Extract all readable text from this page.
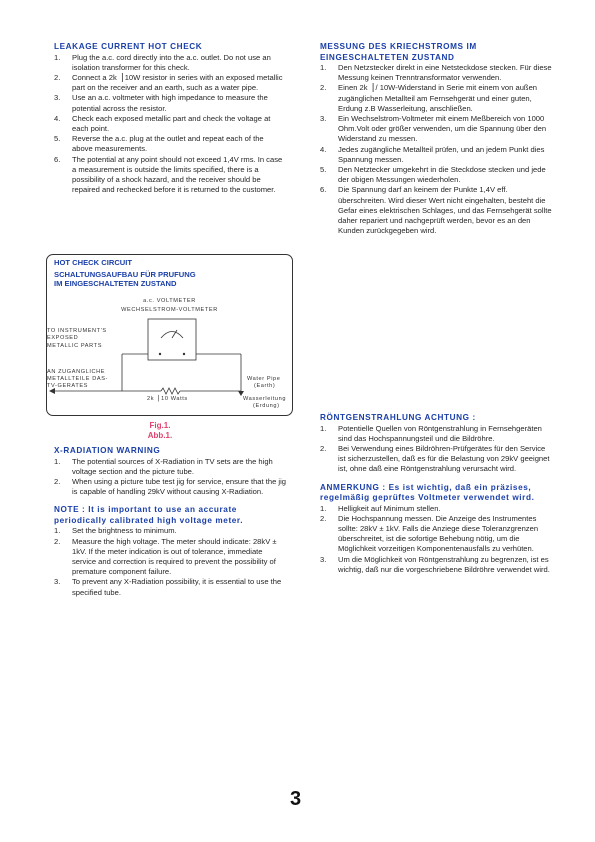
LEAKAGE CURRENT HOT CHECK
1. Plug the a.c. cord directly into the a.c. outlet. Do not use an isolation transformer for this check.
2. Connect a 2k▕ 10W resistor in series with an exposed metallic part on the receiver and an earth, such as a water pipe.
3. Use an a.c. voltmeter with high impedance to measure the potential across the resistor.
4. Check each exposed metallic part and check the voltage at each point.
5. Reverse the a.c. plug at the outlet and repeat each of the above measurements.
6. The potential at any point should not exceed 1,4V rms. In case a measurement is outside the limits specified, there is a possibility of a shock hazard, and the receiver should be repaired and rechecked before it is returned to the customer.
MESSUNG DES KRIECHSTROMS IM
EINGESCHALTETEN ZUSTAND
1. Den Netzstecker direkt in eine Netsteckdose stecken. Für diese Messung keinen Trenntransformator verwenden.
2. Einen 2k▕ / 10W-Widerstand in Serie mit einem von außen zugänglichen Metallteil am Fernsehgerät und einer guten, Erdung z.B Wasserleitung, anschließen.
3. Ein Wechselstrom-Voltmeter mit einem Meßbereich von 1000 Ohm.Volt oder größer verwenden, um die Spannung über den Widerstand zu messen.
4. Jedes zugängliche Metallteil prüfen, und an jedem Punkt dies Spannung messen.
5. Den Netztecker umgekehrt in die Steckdose stecken und jede der obigen Messungen wiederholen.
6. Die Spannung darf an keinem der Punkte 1,4V eff. überschreiten. Wird dieser Wert nicht eingehalten, besteht die Gefar eines elektrischen Schlages, und das Fernsehgerät sollte daher repariert und nachgeprüft werden, bevor es an den Kunden zurückgegeben wird.
HOT CHECK CIRCUIT
SCHALTUNGSAUFBAU FÜR PRUFUNG
IM EINGESCHALTETEN ZUSTAND
a.c. VOLTMETER
WECHSELSTROM-VOLTMETER
TO INSTRUMENT'S
EXPOSED
METALLIC PARTS
AN ZUGANGLICHE
METALLTEILE DAS-
TV-GERATES
2k▕ 10 Watts
Water Pipe
(Earth)
Wasserleitung
(Erdung)
Fig.1.
Abb.1.
X-RADIATION WARNING
1. The potential sources of X-Radiation in TV sets are the high voltage section and the picture tube.
2. When using a picture tube test jig for service, ensure that the jig is capable of handling 29kV without causing X-Radiation.
NOTE : It is important to use an accurate
periodically calibrated high voltage meter.
1. Set the brightness to minimum.
2. Measure the high voltage. The meter should indicate: 28kV ± 1kV. If the meter indication is out of tolerance, immediate service and correction is required to prevent the possibility of premature component failure.
3. To prevent any X-Radiation possibility, it is essential to use the specified tube.
RÖNTGENSTRAHLUNG ACHTUNG :
1. Potentielle Quellen von Röntgenstrahlung in Fernsehgeräten sind das Hochspannungsteil und die Bildröhre.
2. Bei Verwendung eines Bildröhren-Prüfgerätes für den Service ist sicherzustellen, daß es für die Belastung von 29kV geeignet ist, ohne daß eine Röntgenstrahlung verursacht wird.
ANMERKUNG : Es ist wichtig, daß ein präzises,
regelmäßig geprüftes Voltmeter verwendet wird.
1. Helligkeit auf Minimum stellen.
2. Die Hochspannung messen. Die Anzeige des Instrumentes sollte: 28kV ± 1kV. Falls die Anziege diese Toleranzgrenzen überschreitet, ist die sofortige Behebung nötig, um die Möglichkeit vorzeitigen Komponentenausfalls zu verhüten.
3. Um die Möglichkeit von Röntgenstrahlung zu begrenzen, ist es wichtig, daß nur die vorgeschriebene Bildröhre verwendet wird.
3
